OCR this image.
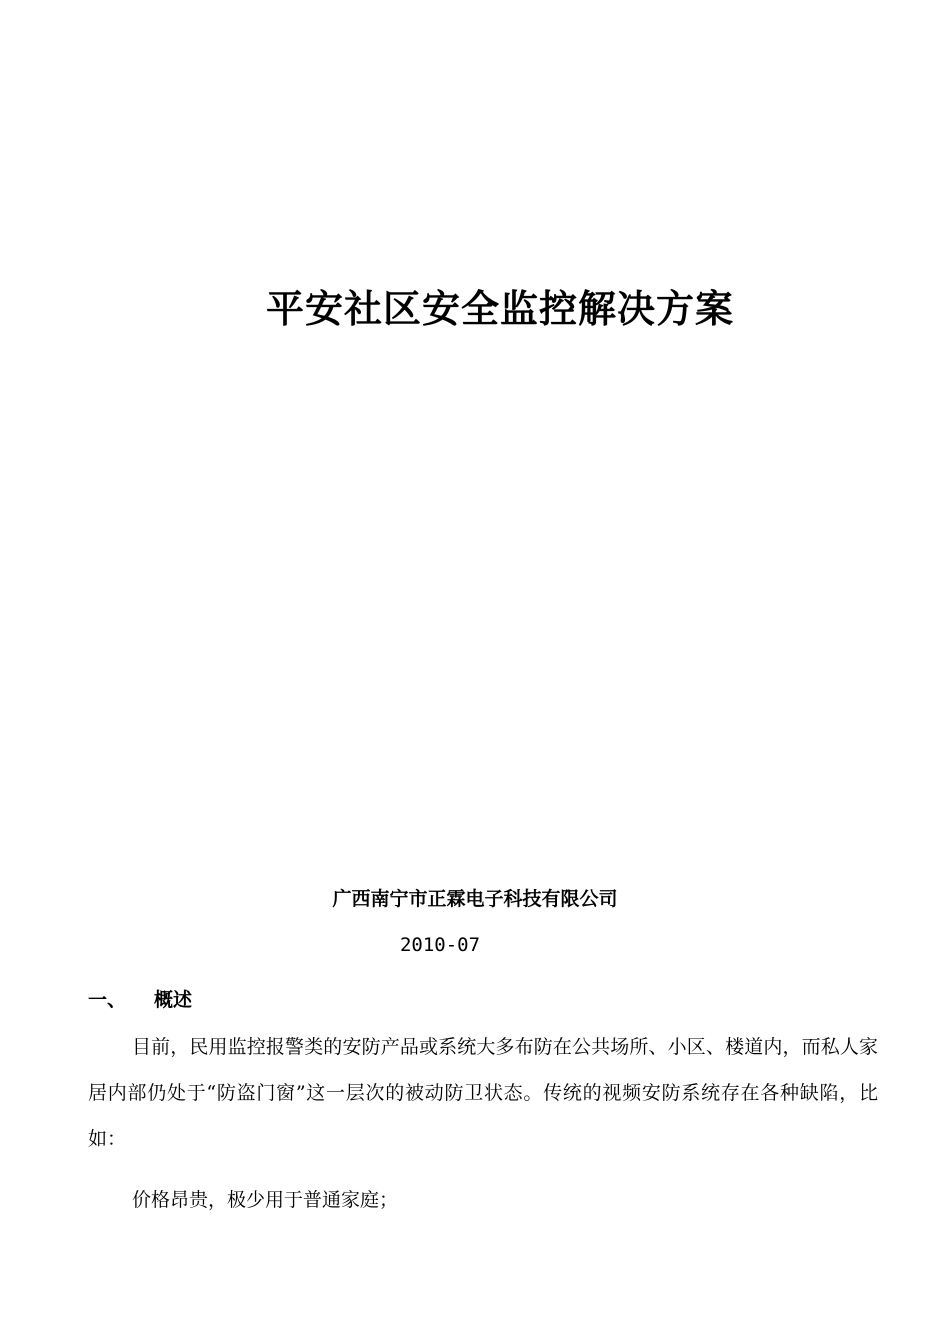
平安社区安全监控解决方案
广西南宁市正霖电子科技有限公司
2010-07
一、 概述

目前，民用监控报警类的安防产品或系统大多布防在公共场所、小区、楼道内，而私人家居内部仍处于“防盗门窗”这一层次的被动防卫状态。传统的视频安防系统存在各种缺陷，比如：

价格昂贵，极少用于普通家庭；
